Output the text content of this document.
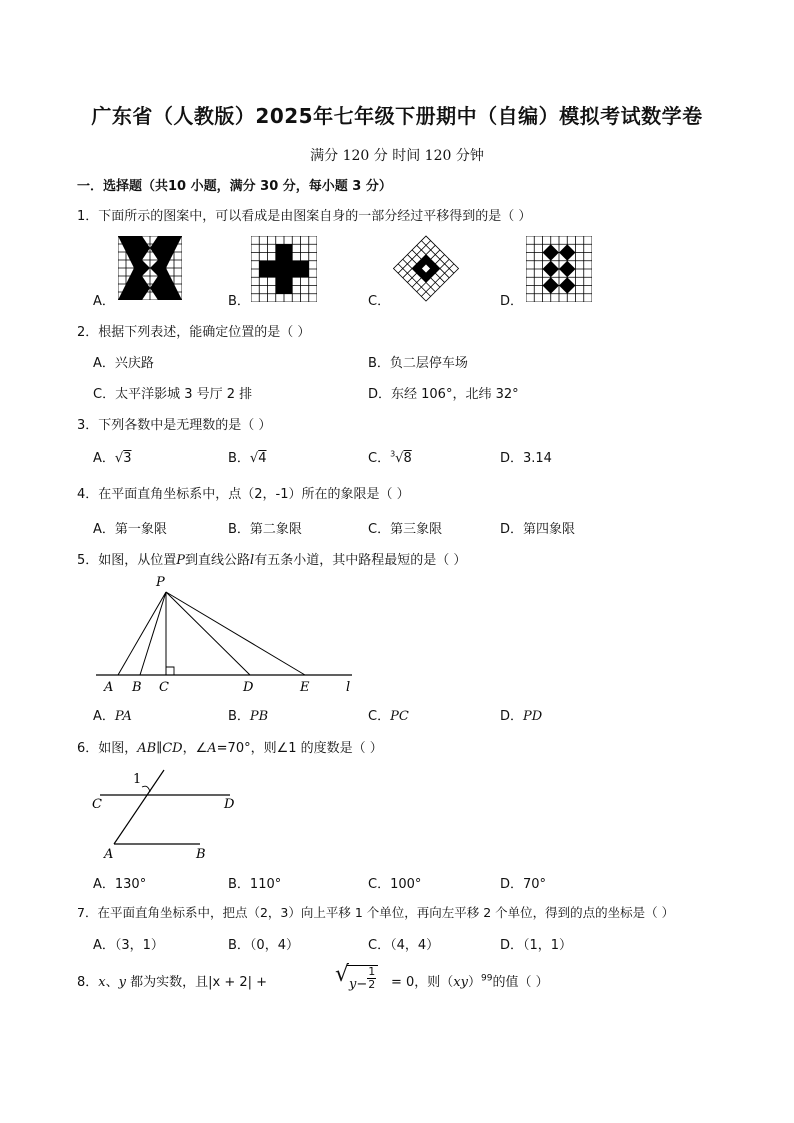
广东省（人教版）2025年七年级下册期中（自编）模拟考试数学卷
满分 120 分 时间 120 分钟
一．选择题（共10 小题，满分 30 分，每小题 3 分）
1．下面所示的图案中，可以看成是由图案自身的一部分经过平移得到的是（ ）
A．	B．	C．	D．
2．根据下列表述，能确定位置的是（ ）
A．兴庆路	B．负二层停车场
C．太平洋影城 3 号厅 2 排	D．东经 106°，北纬 32°
3．下列各数中是无理数的是（ ）
A．√3	B．√4	C．$^3$√8	D．3.14
4．在平面直角坐标系中，点（2，-1）所在的象限是（ ）
A．第一象限	B．第二象限	C．第三象限	D．第四象限
5．如图，从位置P到直线公路l有五条小道，其中路程最短的是（ ）
P
A B C	D	E	l
A．PA	B．PB	C．PC	D．PD
6．如图，AB∥CD，∠A=70°，则∠1 的度数是（ ）
1
C	D
A	B
A．130°	B．110°	C．100°	D．70°
7．在平面直角坐标系中，把点（2，3）向上平移 1 个单位，再向左平移 2 个单位，得到的点的坐标是（ ）
A．（3，1）	B．（0，4）	C．（4，4）	D．（1，1）
8．x、y 都为实数，且|x + 2| +	√ $y- \frac{1}{2} = 0$，则（xy）$^{99}$的值（ ）
